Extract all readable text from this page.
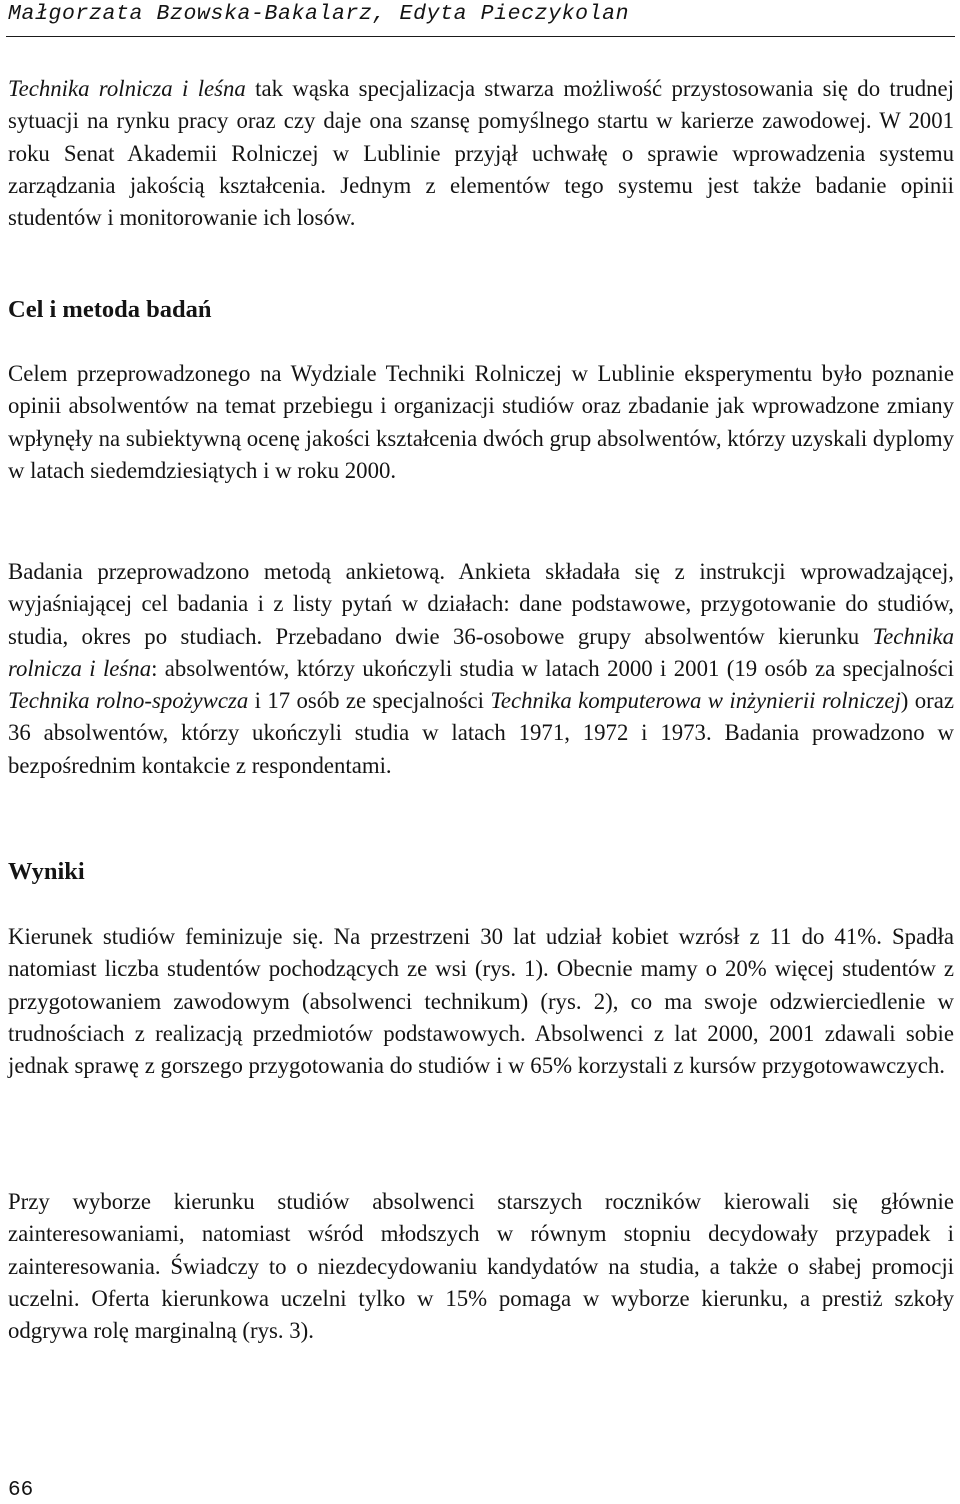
Małgorzata Bzowska-Bakalarz, Edyta Pieczykolan

Technika rolnicza i leśna tak wąska specjalizacja stwarza możliwość przystosowania się do trudnej sytuacji na rynku pracy oraz czy daje ona szansę pomyślnego startu w karierze zawodowej. W 2001 roku Senat Akademii Rolniczej w Lublinie przyjął uchwałę o sprawie wprowadzenia systemu zarządzania jakością kształcenia. Jednym z elementów tego systemu jest także badanie opinii studentów i monitorowanie ich losów.

Cel i metoda badań

Celem przeprowadzonego na Wydziale Techniki Rolniczej w Lublinie eksperymentu było poznanie opinii absolwentów na temat przebiegu i organizacji studiów oraz zbadanie jak wprowadzone zmiany wpłynęły na subiektywną ocenę jakości kształcenia dwóch grup absolwentów, którzy uzyskali dyplomy w latach siedemdziesiątych i w roku 2000.

Badania przeprowadzono metodą ankietową. Ankieta składała się z instrukcji wprowadzającej, wyjaśniającej cel badania i z listy pytań w działach: dane podstawowe, przygotowanie do studiów, studia, okres po studiach. Przebadano dwie 36-osobowe grupy absolwentów kierunku Technika rolnicza i leśna: absolwentów, którzy ukończyli studia w latach 2000 i 2001 (19 osób za specjalności Technika rolno-spożywcza i 17 osób ze specjalności Technika komputerowa w inżynierii rolniczej) oraz 36 absolwentów, którzy ukończyli studia w latach 1971, 1972 i 1973. Badania prowadzono w bezpośrednim kontakcie z respondentami.

Wyniki

Kierunek studiów feminizuje się. Na przestrzeni 30 lat udział kobiet wzrósł z 11 do 41%. Spadła natomiast liczba studentów pochodzących ze wsi (rys. 1). Obecnie mamy o 20% więcej studentów z przygotowaniem zawodowym (absolwenci technikum) (rys. 2), co ma swoje odzwierciedlenie w trudnościach z realizacją przedmiotów podstawowych. Absolwenci z lat 2000, 2001 zdawali sobie jednak sprawę z gorszego przygotowania do studiów i w 65% korzystali z kursów przygotowawczych.

Przy wyborze kierunku studiów absolwenci starszych roczników kierowali się głównie zainteresowaniami, natomiast wśród młodszych w równym stopniu decydowały przypadek i zainteresowania. Świadczy to o niezdecydowaniu kandydatów na studia, a także o słabej promocji uczelni. Oferta kierunkowa uczelni tylko w 15% pomaga w wyborze kierunku, a prestiż szkoły odgrywa rolę marginalną (rys. 3).

66
